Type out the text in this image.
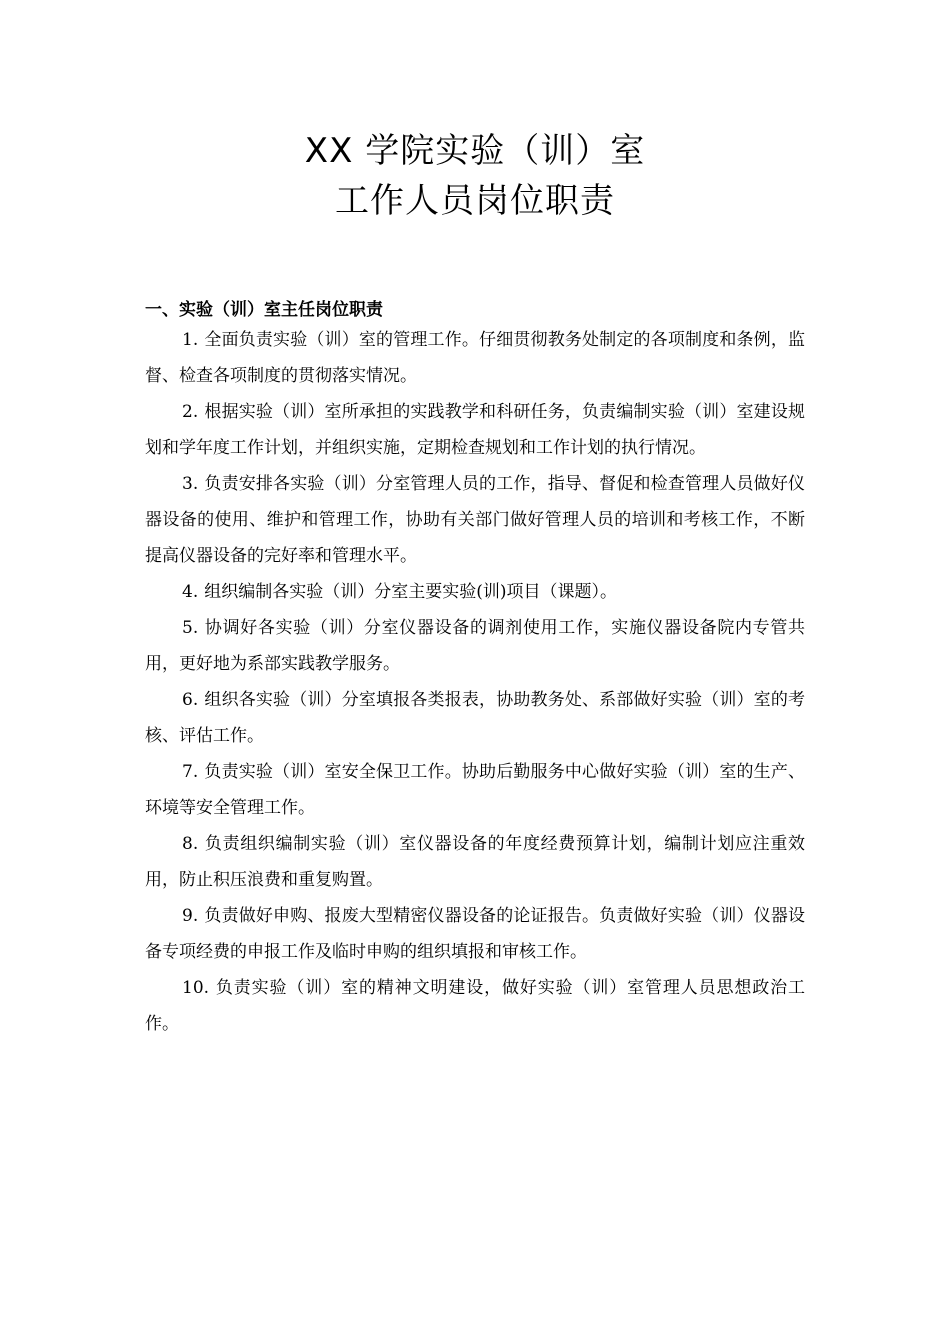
XX 学院实验（训）室
工作人员岗位职责
一、实验（训）室主任岗位职责
1. 全面负责实验（训）室的管理工作。仔细贯彻教务处制定的各项制度和条例，监督、检查各项制度的贯彻落实情况。
2. 根据实验（训）室所承担的实践教学和科研任务，负责编制实验（训）室建设规划和学年度工作计划，并组织实施，定期检查规划和工作计划的执行情况。
3. 负责安排各实验（训）分室管理人员的工作，指导、督促和检查管理人员做好仪器设备的使用、维护和管理工作，协助有关部门做好管理人员的培训和考核工作，不断提高仪器设备的完好率和管理水平。
4. 组织编制各实验（训）分室主要实验(训)项目（课题）。
5. 协调好各实验（训）分室仪器设备的调剂使用工作，实施仪器设备院内专管共用，更好地为系部实践教学服务。
6. 组织各实验（训）分室填报各类报表，协助教务处、系部做好实验（训）室的考核、评估工作。
7. 负责实验（训）室安全保卫工作。协助后勤服务中心做好实验（训）室的生产、环境等安全管理工作。
8. 负责组织编制实验（训）室仪器设备的年度经费预算计划，编制计划应注重效用，防止积压浪费和重复购置。
9. 负责做好申购、报废大型精密仪器设备的论证报告。负责做好实验（训）仪器设备专项经费的申报工作及临时申购的组织填报和审核工作。
10. 负责实验（训）室的精神文明建设，做好实验（训）室管理人员思想政治工作。
